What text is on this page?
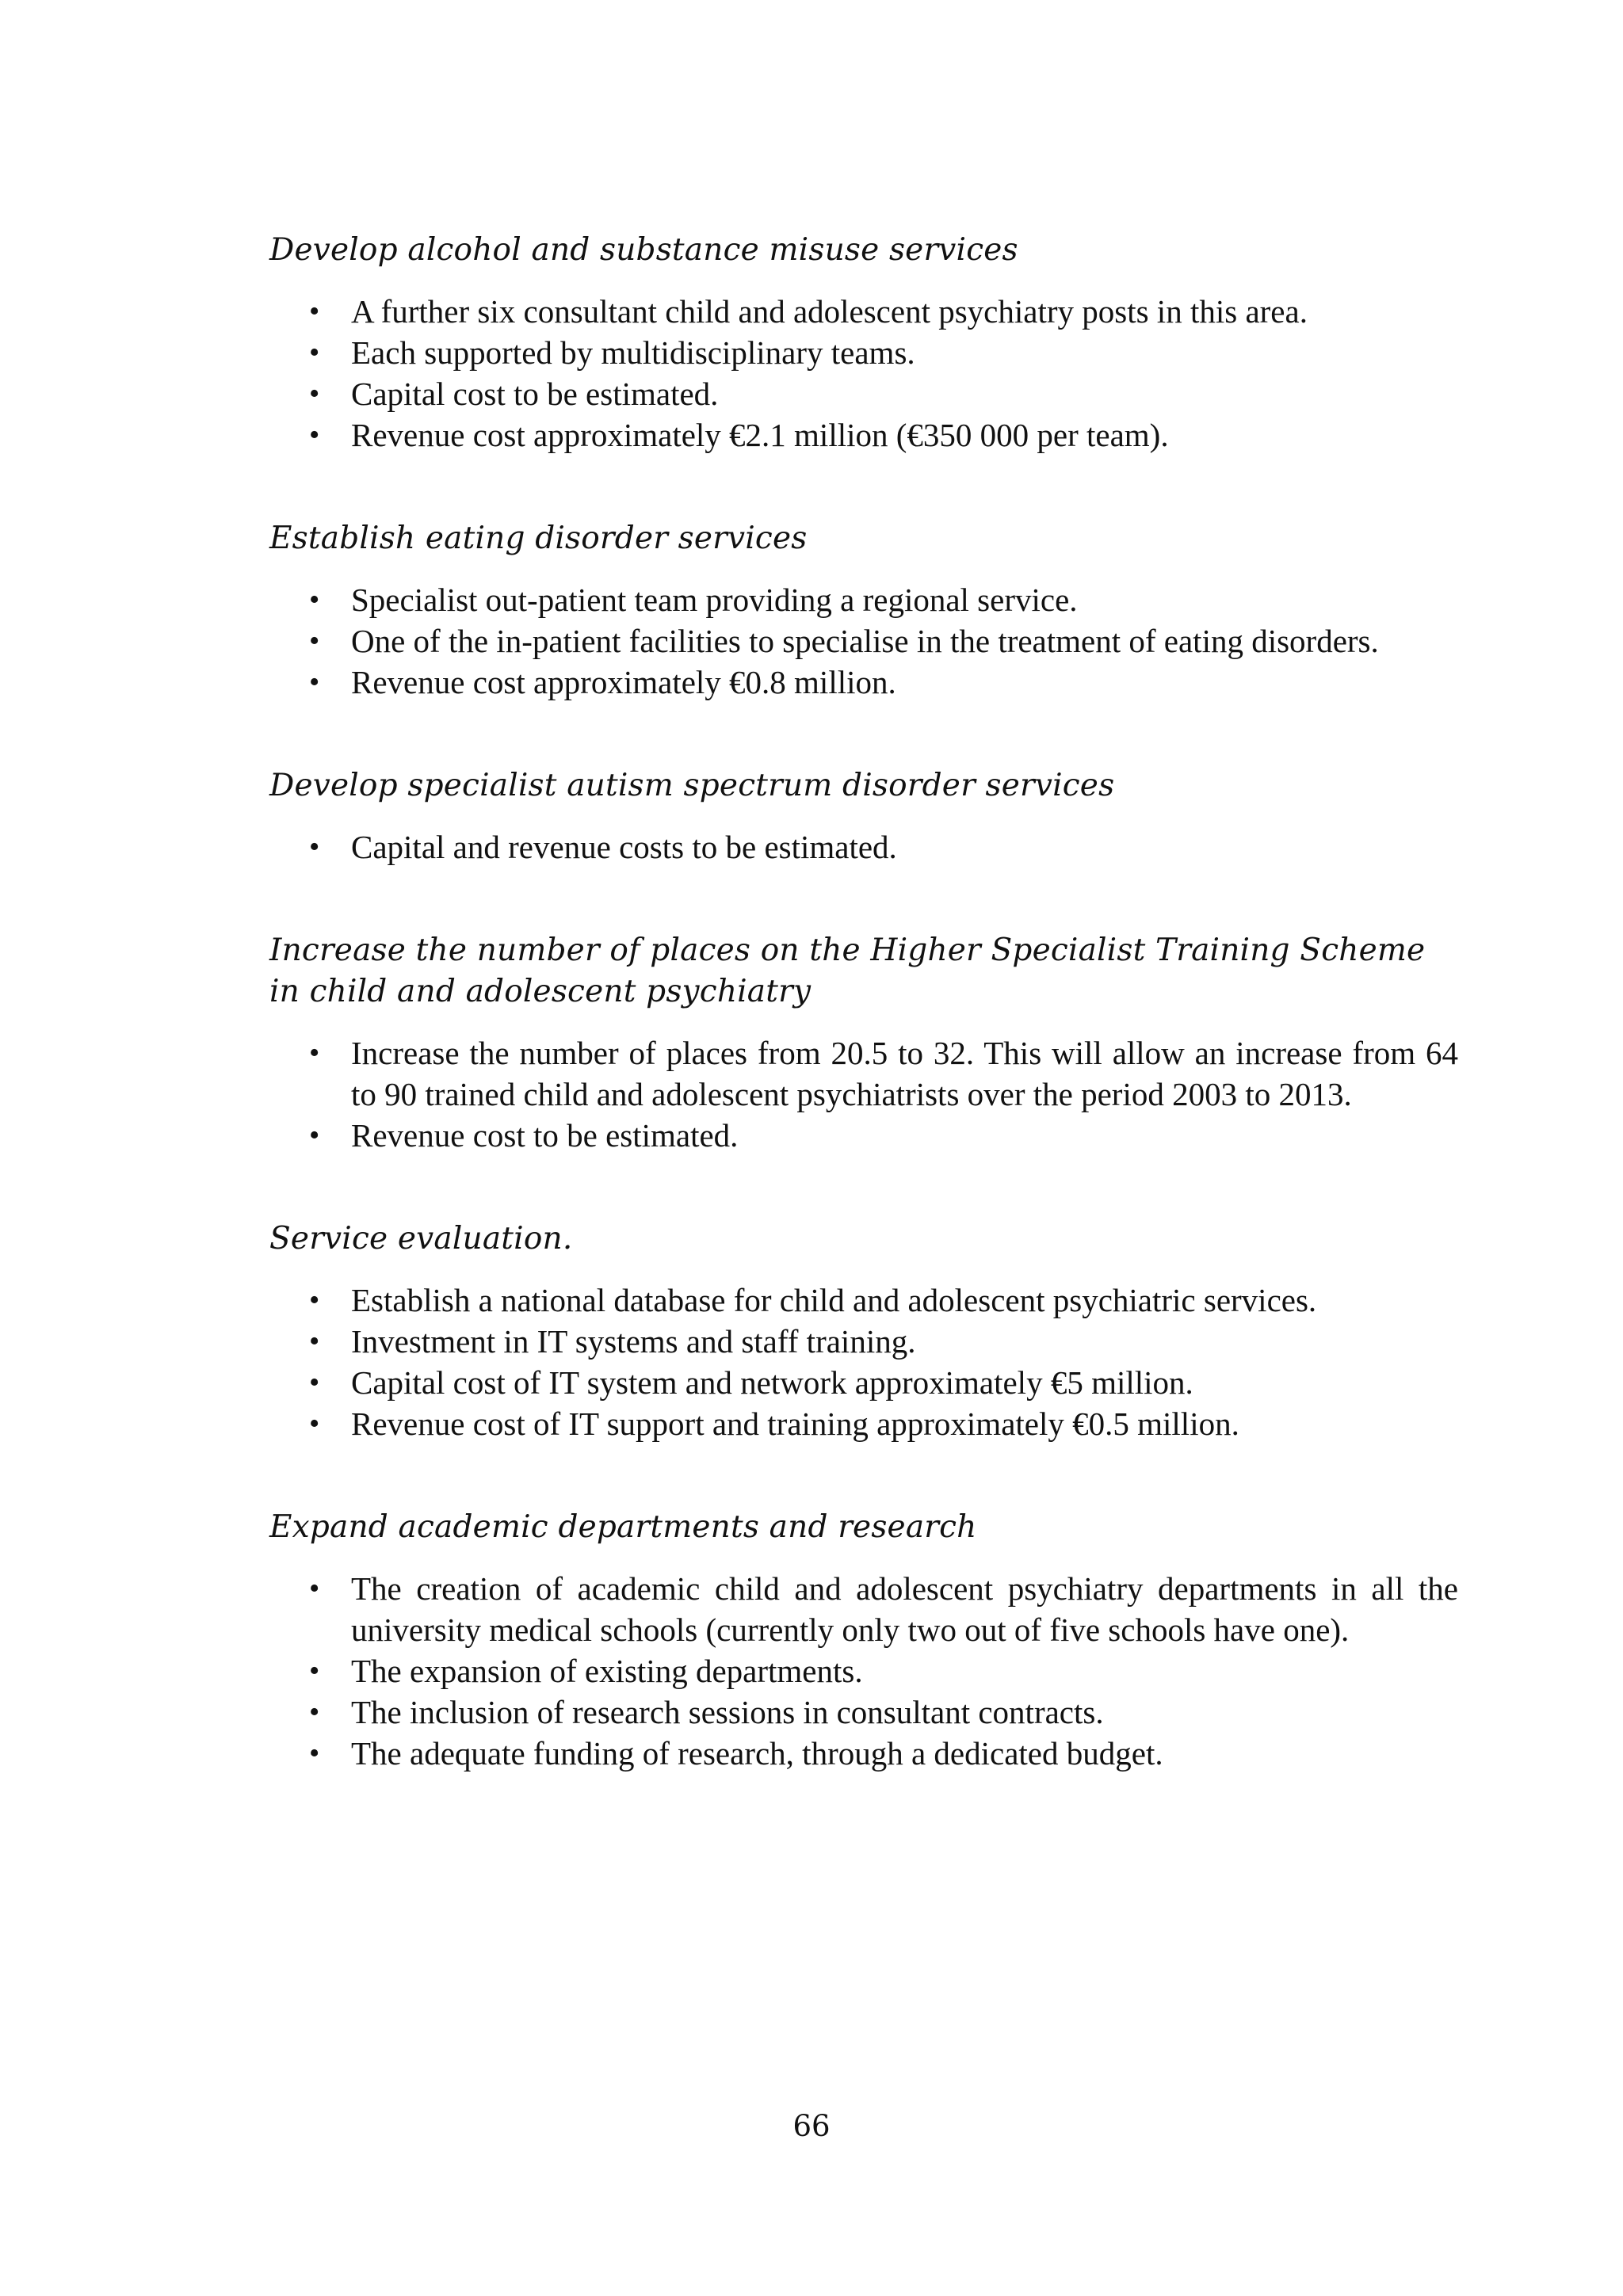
Develop alcohol and substance misuse services
• A further six consultant child and adolescent psychiatry posts in this area.
• Each supported by multidisciplinary teams.
• Capital cost to be estimated.
• Revenue cost approximately €2.1 million (€350 000 per team).
Establish eating disorder services
• Specialist out-patient team providing a regional service.
• One of the in-patient facilities to specialise in the treatment of eating disorders.
• Revenue cost approximately €0.8 million.
Develop specialist autism spectrum disorder services
• Capital and revenue costs to be estimated.
Increase the number of places on the Higher Specialist Training Scheme in child and adolescent psychiatry
• Increase the number of places from 20.5 to 32. This will allow an increase from 64 to 90 trained child and adolescent psychiatrists over the period 2003 to 2013.
• Revenue cost to be estimated.
Service evaluation.
• Establish a national database for child and adolescent psychiatric services.
• Investment in IT systems and staff training.
• Capital cost of IT system and network approximately €5 million.
• Revenue cost of IT support and training approximately €0.5 million.
Expand academic departments and research
• The creation of academic child and adolescent psychiatry departments in all the university medical schools (currently only two out of five schools have one).
• The expansion of existing departments.
• The inclusion of research sessions in consultant contracts.
• The adequate funding of research, through a dedicated budget.
66
